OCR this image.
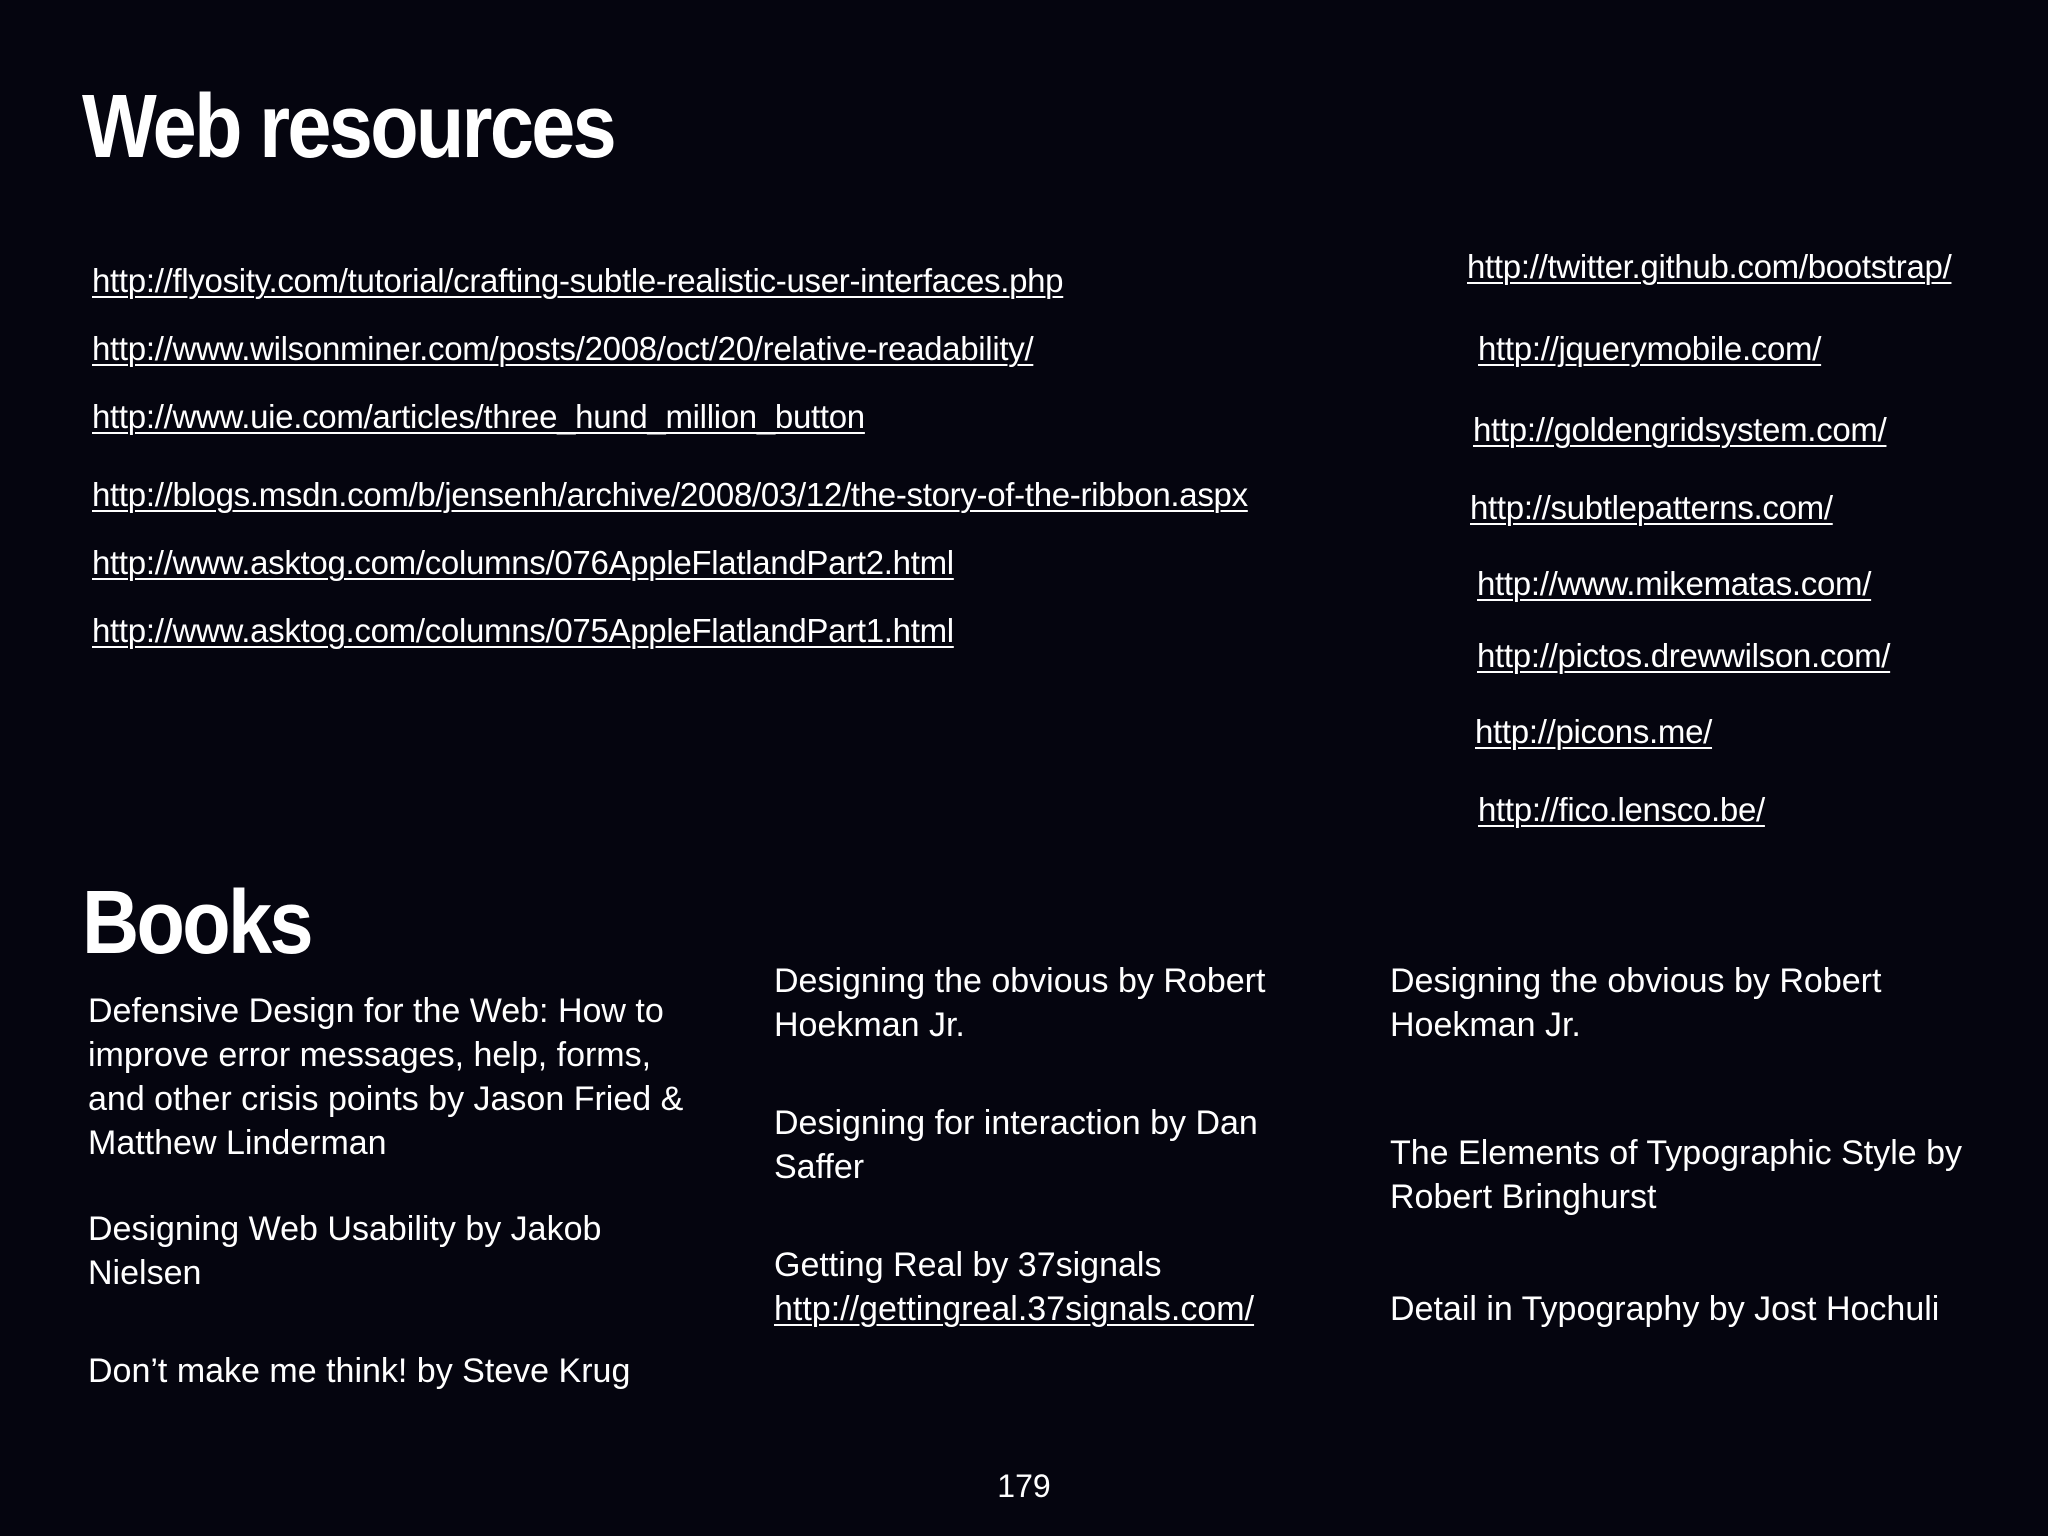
Web resources
http://flyosity.com/tutorial/crafting-subtle-realistic-user-interfaces.php
http://www.wilsonminer.com/posts/2008/oct/20/relative-readability/
http://www.uie.com/articles/three_hund_million_button
http://blogs.msdn.com/b/jensenh/archive/2008/03/12/the-story-of-the-ribbon.aspx
http://www.asktog.com/columns/076AppleFlatlandPart2.html
http://www.asktog.com/columns/075AppleFlatlandPart1.html
http://twitter.github.com/bootstrap/
http://jquerymobile.com/
http://goldengridsystem.com/
http://subtlepatterns.com/
http://www.mikematas.com/
http://pictos.drewwilson.com/
http://picons.me/
http://fico.lensco.be/
Books

Defensive Design for the Web: How to improve error messages, help, forms, and other crisis points by Jason Fried & Matthew Linderman

Designing Web Usability by Jakob Nielsen

Don’t make me think! by Steve Krug

Designing the obvious by Robert Hoekman Jr.

Designing for interaction by Dan Saffer

Getting Real by 37signals http://gettingreal.37signals.com/

Designing the obvious by Robert Hoekman Jr.

The Elements of Typographic Style by Robert Bringhurst

Detail in Typography by Jost Hochuli

179
